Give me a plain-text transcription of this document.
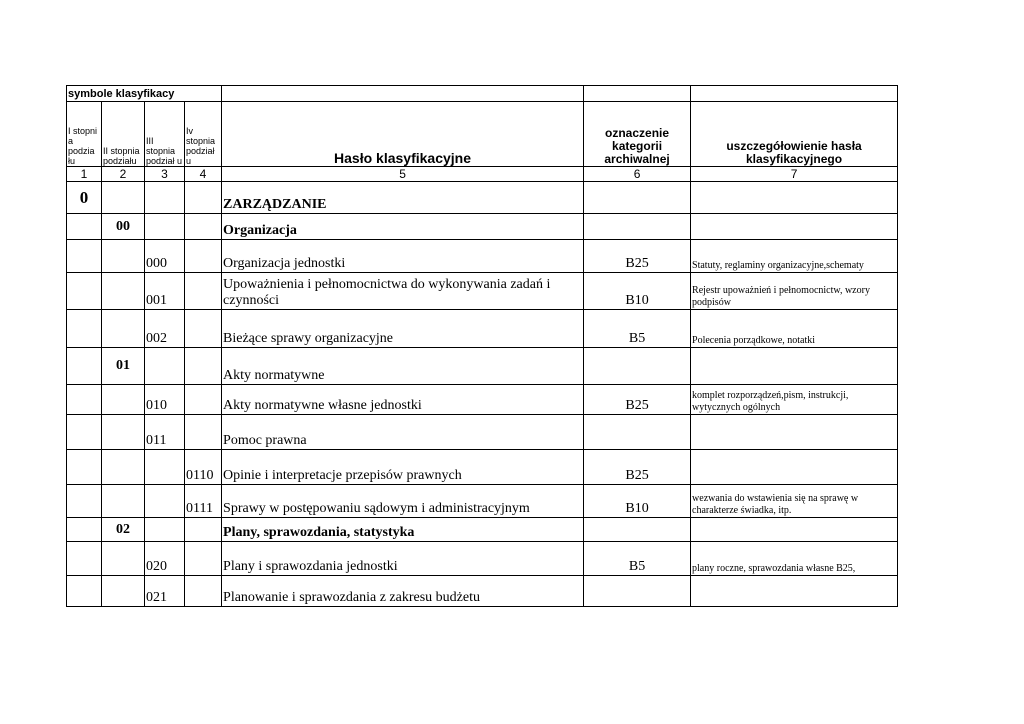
symbole klasyfikacy						
I stopni a podzia łu	II stopnia podziału	III stopnia podział u	Iv stopnia podział u	Hasło klasyfikacyjne	oznaczenie kategorii archiwalnej	uszczegółowienie hasła klasyfikacyjnego
1	2	3	4	5	6	7
0				ZARZĄDZANIE		
	00			Organizacja		
		000		Organizacja jednostki	B25	Statuty, reglaminy organizacyjne,schematy
		001		Upoważnienia i pełnomocnictwa do wykonywania zadań i czynności	B10	Rejestr upoważnień i pełnomocnictw, wzory podpisów
		002		Bieżące sprawy organizacyjne	B5	Polecenia porządkowe, notatki
	01			Akty normatywne		
		010		Akty normatywne własne jednostki	B25	komplet rozporządzeń,pism, instrukcji, wytycznych ogólnych
		011		Pomoc prawna		
			0110	Opinie i interpretacje przepisów prawnych	B25	
			0111	Sprawy w postępowaniu sądowym i administracyjnym	B10	wezwania do wstawienia się na sprawę w charakterze świadka, itp.
	02			Plany, sprawozdania, statystyka		
		020		Plany i sprawozdania jednostki	B5	plany roczne, sprawozdania własne B25,
		021		Planowanie i sprawozdania z zakresu budżetu		
